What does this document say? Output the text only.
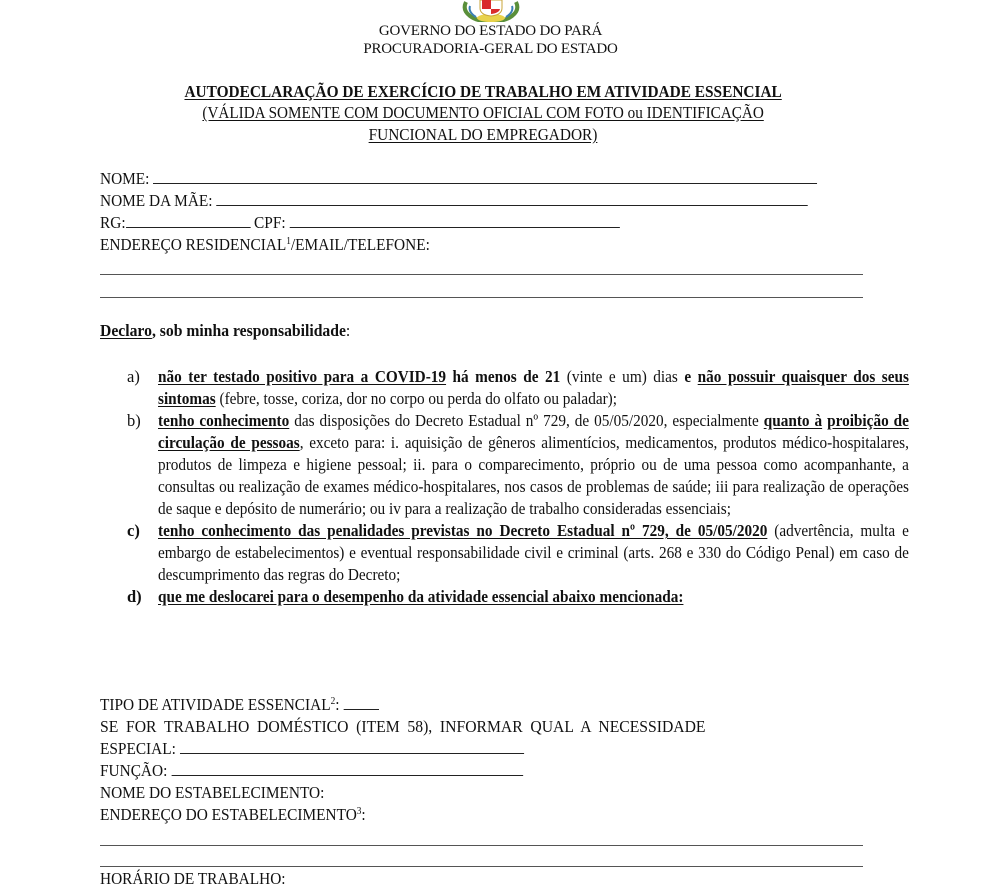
GOVERNO DO ESTADO DO PARÁ
PROCURADORIA-GERAL DO ESTADO
AUTODECLARAÇÃO DE EXERCÍCIO DE TRABALHO EM ATIVIDADE ESSENCIAL
(VÁLIDA SOMENTE COM DOCUMENTO OFICIAL COM FOTO ou IDENTIFICAÇÃO
FUNCIONAL DO EMPREGADOR)
NOME:
NOME DA MÃE:
RG:	CPF:
ENDEREÇO RESIDENCIAL$^1$/EMAIL/TELEFONE:
Declaro, sob minha responsabilidade:
a) não ter testado positivo para a COVID-19 há menos de 21 (vinte e um) dias e não possuir quaisquer dos seus sintomas (febre, tosse, coriza, dor no corpo ou perda do olfato ou paladar);
b) tenho conhecimento das disposições do Decreto Estadual nº 729, de 05/05/2020, especialmente quanto à proibição de circulação de pessoas, exceto para: i. aquisição de gêneros alimentícios, medicamentos, produtos médico-hospitalares, produtos de limpeza e higiene pessoal; ii. para o comparecimento, próprio ou de uma pessoa como acompanhante, a consultas ou realização de exames médico-hospitalares, nos casos de problemas de saúde; iii para realização de operações de saque e depósito de numerário; ou iv para a realização de trabalho consideradas essenciais;
c) tenho conhecimento das penalidades previstas no Decreto Estadual nº 729, de 05/05/2020 (advertência, multa e embargo de estabelecimentos) e eventual responsabilidade civil e criminal (arts. 268 e 330 do Código Penal) em caso de descumprimento das regras do Decreto;
d) que me deslocarei para o desempenho da atividade essencial abaixo mencionada:
TIPO DE ATIVIDADE ESSENCIAL$^2$:
SE FOR TRABALHO DOMÉSTICO (ITEM 58), INFORMAR QUAL A NECESSIDADE
ESPECIAL:
FUNÇÃO:
NOME DO ESTABELECIMENTO:
ENDEREÇO DO ESTABELECIMENTO$^3$:
HORÁRIO DE TRABALHO:
